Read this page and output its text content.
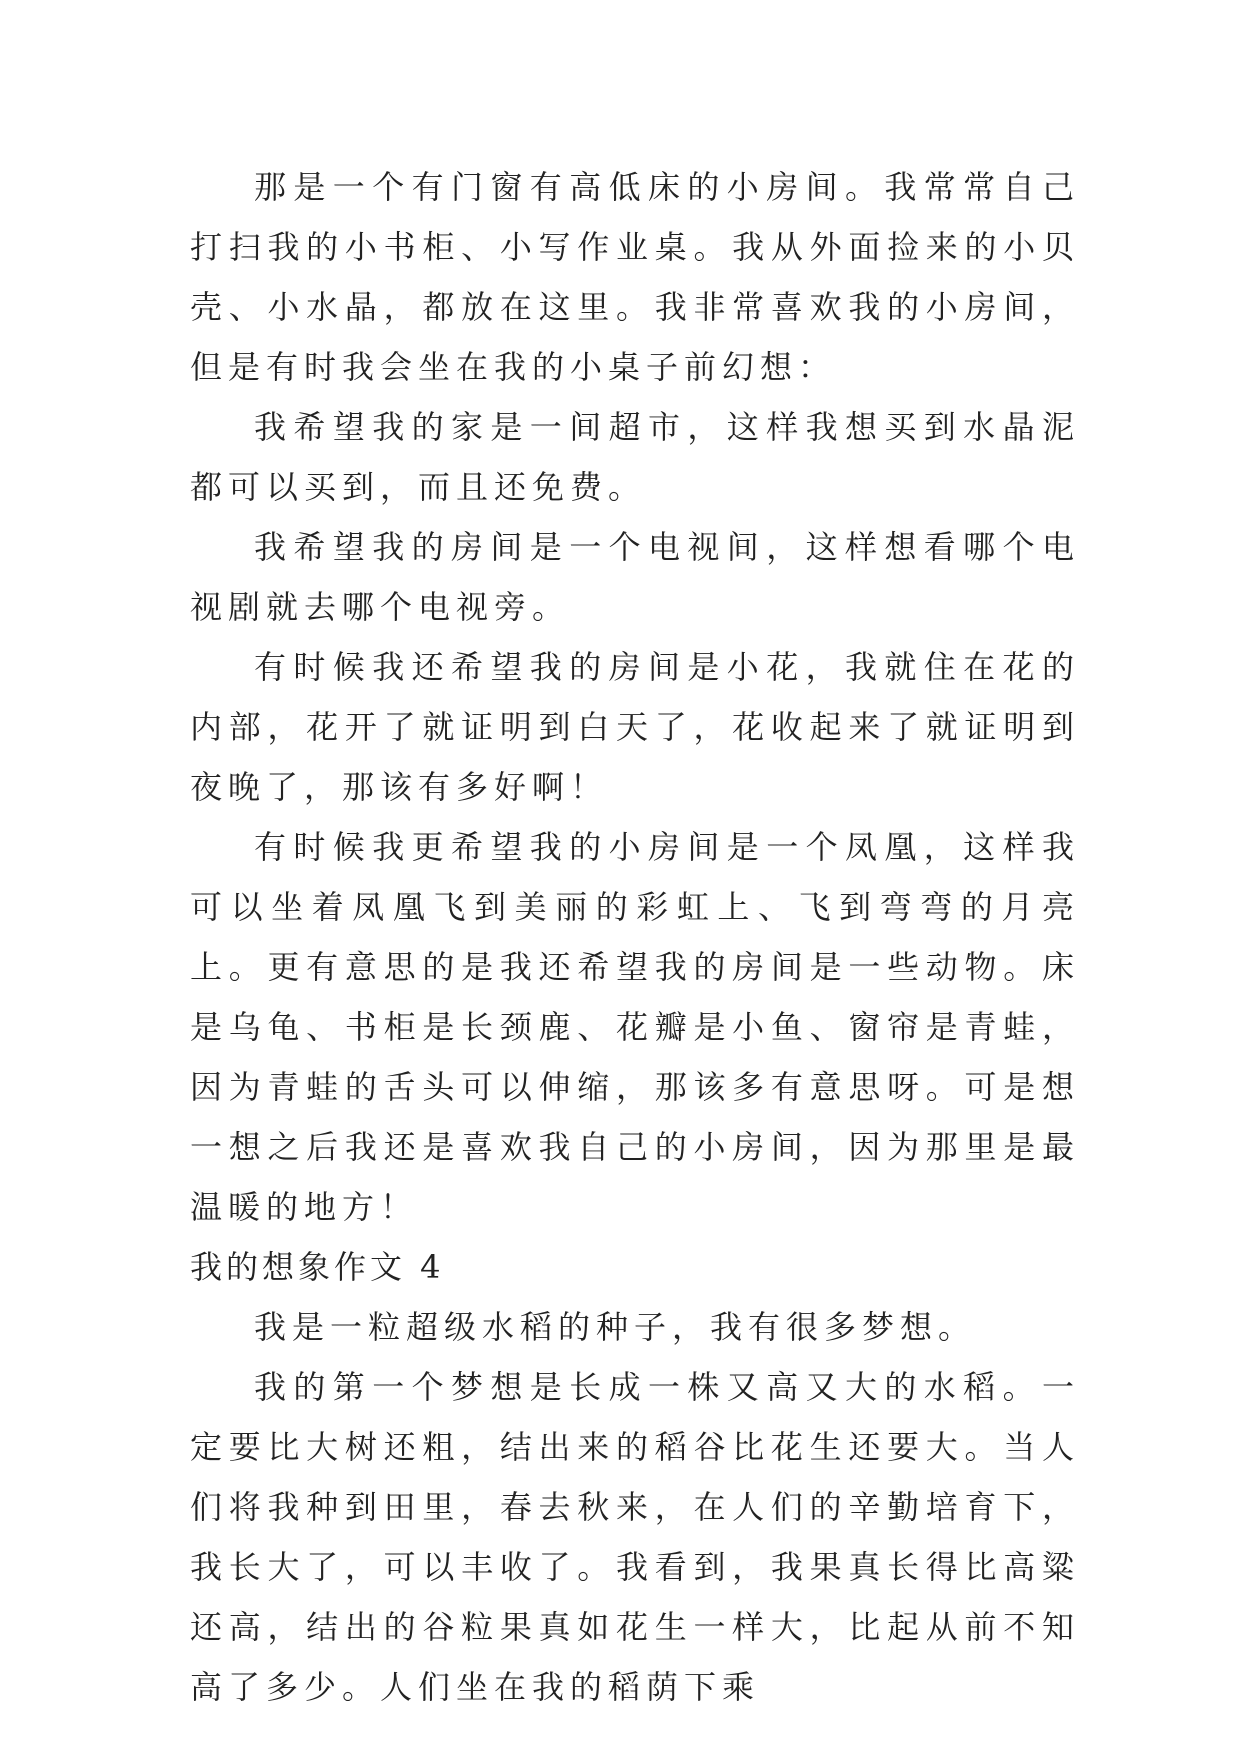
那是一个有门窗有高低床的小房间。我常常自己打扫我的小书柜、小写作业桌。我从外面捡来的小贝壳、小水晶，都放在这里。我非常喜欢我的小房间，但是有时我会坐在我的小桌子前幻想：

我希望我的家是一间超市，这样我想买到水晶泥都可以买到，而且还免费。

我希望我的房间是一个电视间，这样想看哪个电视剧就去哪个电视旁。

有时候我还希望我的房间是小花，我就住在花的内部，花开了就证明到白天了，花收起来了就证明到夜晚了，那该有多好啊！

有时候我更希望我的小房间是一个凤凰，这样我可以坐着凤凰飞到美丽的彩虹上、飞到弯弯的月亮上。更有意思的是我还希望我的房间是一些动物。床是乌龟、书柜是长颈鹿、花瓣是小鱼、窗帘是青蛙，因为青蛙的舌头可以伸缩，那该多有意思呀。可是想一想之后我还是喜欢我自己的小房间，因为那里是最温暖的地方！

我的想象作文 4

我是一粒超级水稻的种子，我有很多梦想。

我的第一个梦想是长成一株又高又大的水稻。一定要比大树还粗，结出来的稻谷比花生还要大。当人们将我种到田里，春去秋来，在人们的辛勤培育下，我长大了，可以丰收了。我看到，我果真长得比高粱还高，结出的谷粒果真如花生一样大，比起从前不知高了多少。人们坐在我的稻荫下乘
